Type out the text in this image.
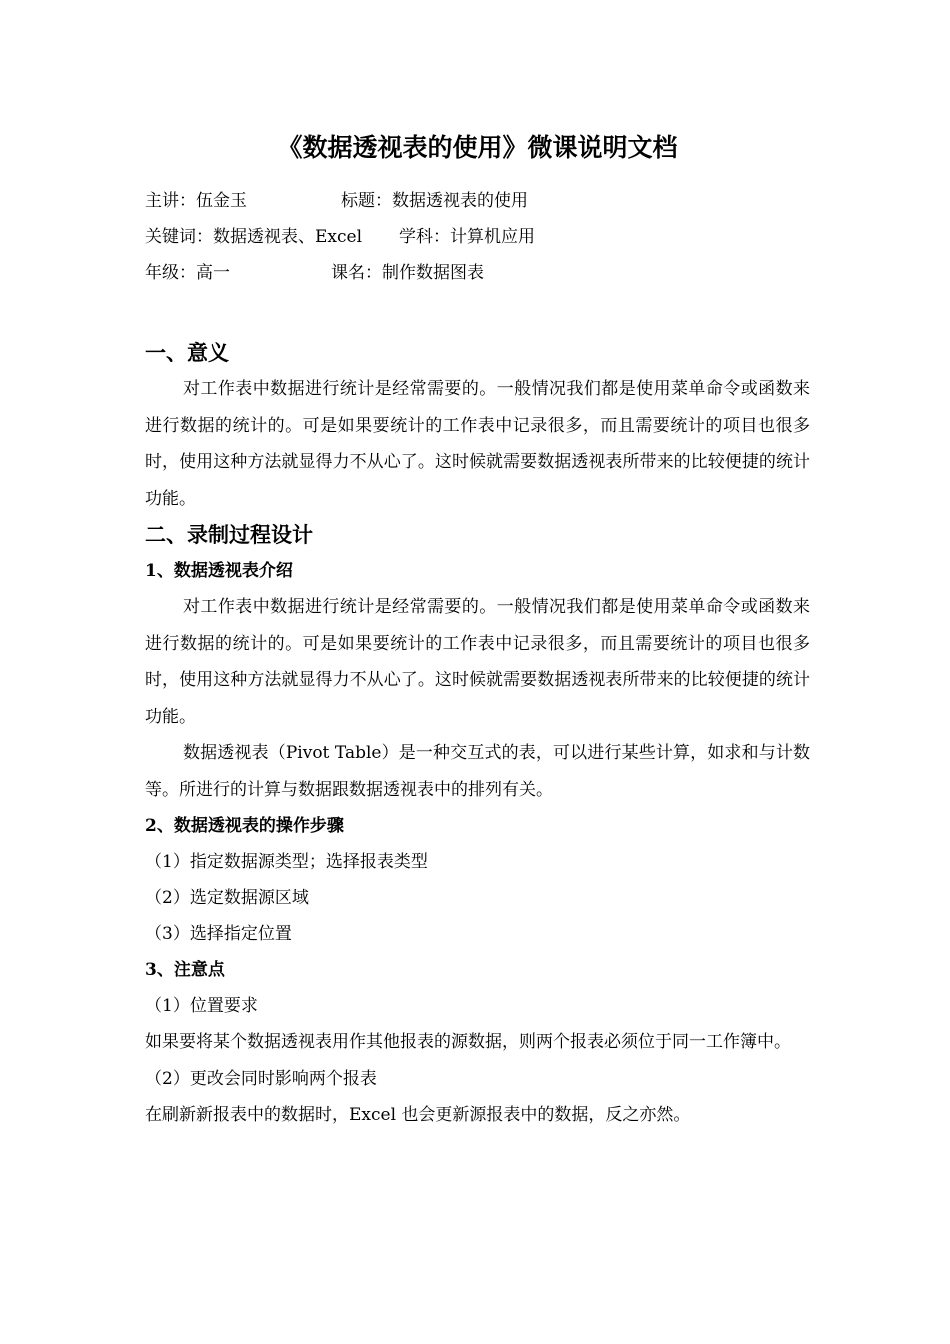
《数据透视表的使用》微课说明文档
主讲：伍金玉	标题：数据透视表的使用
关键词：数据透视表、Excel 学科：计算机应用
年级：高一	课名：制作数据图表
一、意义

对工作表中数据进行统计是经常需要的。一般情况我们都是使用菜单命令或函数来进行数据的统计的。可是如果要统计的工作表中记录很多，而且需要统计的项目也很多时，使用这种方法就显得力不从心了。这时候就需要数据透视表所带来的比较便捷的统计功能。

二、录制过程设计
1、数据透视表介绍

对工作表中数据进行统计是经常需要的。一般情况我们都是使用菜单命令或函数来进行数据的统计的。可是如果要统计的工作表中记录很多，而且需要统计的项目也很多时，使用这种方法就显得力不从心了。这时候就需要数据透视表所带来的比较便捷的统计功能。

数据透视表（Pivot Table）是一种交互式的表，可以进行某些计算，如求和与计数等。所进行的计算与数据跟数据透视表中的排列有关。

2、数据透视表的操作步骤
（1）指定数据源类型；选择报表类型
（2）选定数据源区域
（3）选择指定位置
3、注意点
（1）位置要求

如果要将某个数据透视表用作其他报表的源数据，则两个报表必须位于同一工作簿中。

（2）更改会同时影响两个报表

在刷新新报表中的数据时，Excel 也会更新源报表中的数据，反之亦然。
